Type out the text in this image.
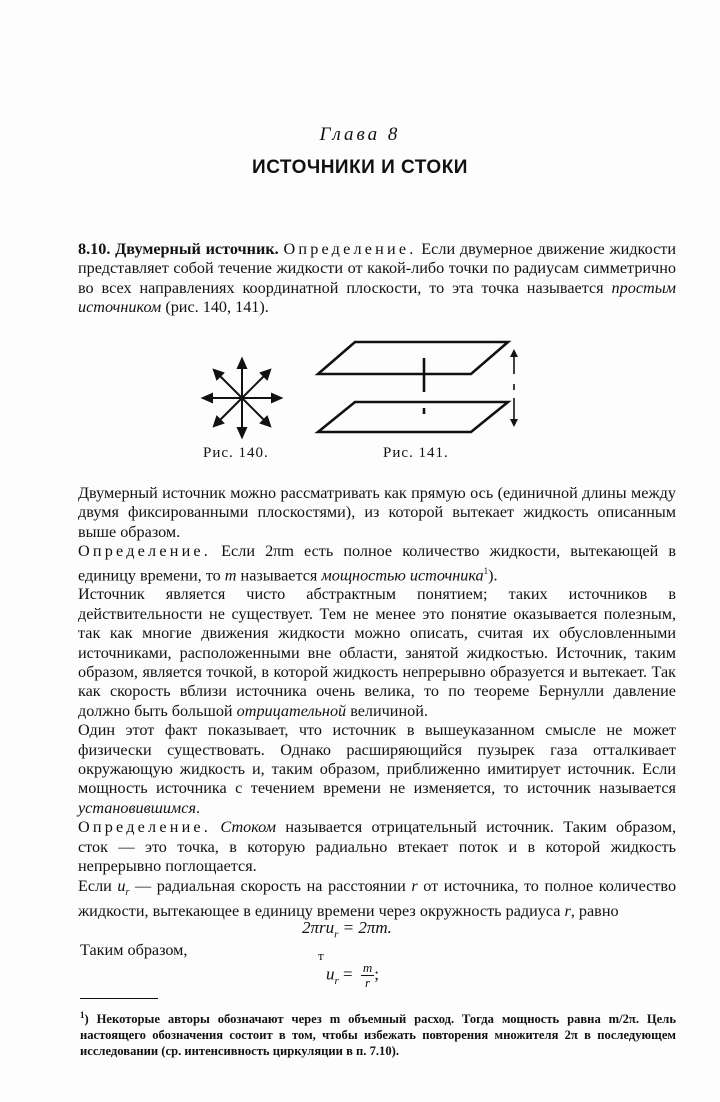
Глава 8
ИСТОЧНИКИ И СТОКИ

8.10. Двумерный источник. Определение. Если двумерное движение жидкости представляет собой течение жидкости от какой-либо точки по радиусам симметрично во всех направлениях координатной плоскости, то эта точка называется простым источником (рис. 140, 141).

Рис. 140.	Рис. 141.

Двумерный источник можно рассматривать как прямую ось (единичной длины между двумя фиксированными плоскостями), из которой вытекает жидкость описанным выше образом.

Определение. Если 2πm есть полное количество жидкости, вытекающей в единицу времени, то m называется мощностью источника$^1$).

Источник является чисто абстрактным понятием; таких источников в действительности не существует. Тем не менее это понятие оказывается полезным, так как многие движения жидкости можно описать, считая их обусловленными источниками, расположенными вне области, занятой жидкостью. Источник, таким образом, является точкой, в которой жидкость непрерывно образуется и вытекает. Так как скорость вблизи источника очень велика, то по теореме Бернулли давление должно быть большой отрицательной величиной.

Один этот факт показывает, что источник в вышеуказанном смысле не может физически существовать. Однако расширяющийся пузырек газа отталкивает окружающую жидкость и, таким образом, приближенно имитирует источник. Если мощность источника с течением времени не изменяется, то источник называется установившимся.

Определение. Стоком называется отрицательный источник. Таким образом, сток — это точка, в которую радиально втекает поток и в которой жидкость непрерывно поглощается.

Если $u_r$ — радиальная скорость на расстоянии r от источника, то полное количество жидкости, вытекающее в единицу времени через окружность радиуса r, равно

2πru$_r$ = 2πm.
Таким образом,	т
$u_r = \frac{m}{r}$ ;
$^1$) Некоторые авторы обозначают через m объемный расход. Тогда мощность равна m/2π. Цель настоящего обозначения состоит в том, чтобы избежать повторения множителя 2π в последующем исследовании (ср. интенсивность циркуляции в п. 7.10).
